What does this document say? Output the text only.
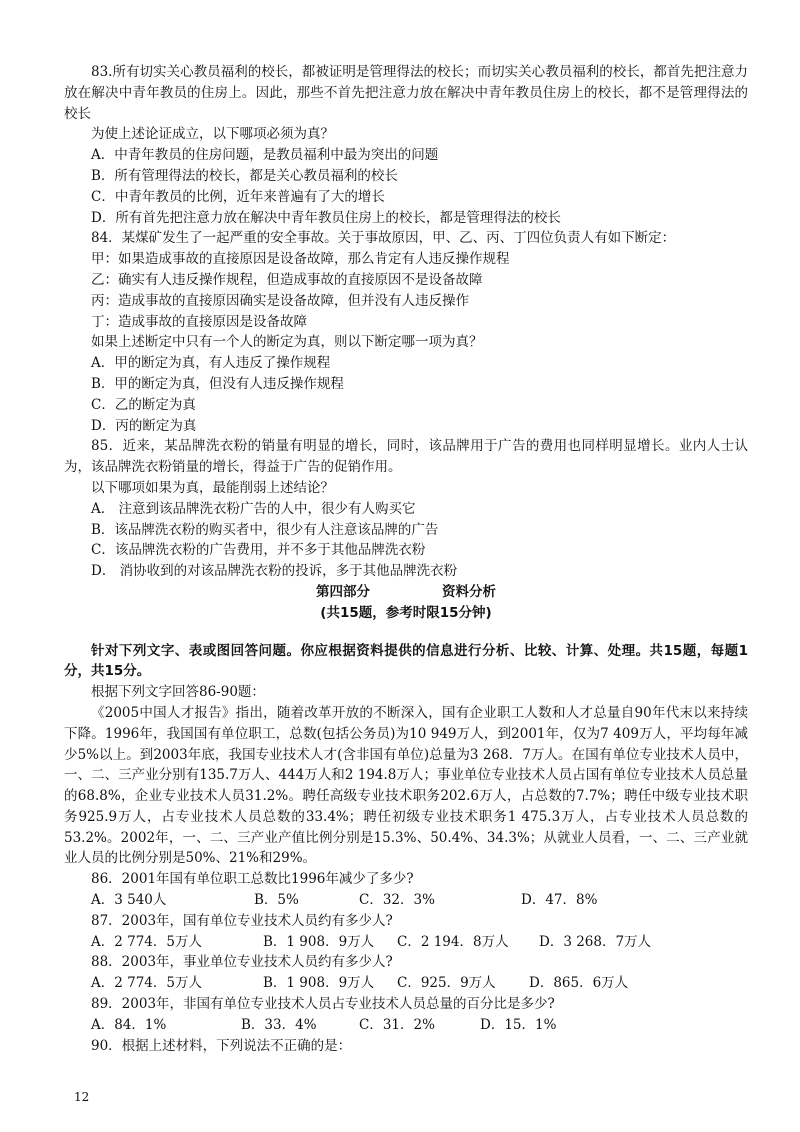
83.所有切实关心教员福利的校长，都被证明是管理得法的校长；而切实关心教员福利的校长，都首先把注意力放在解决中青年教员的住房上。因此，那些不首先把注意力放在解决中青年教员住房上的校长，都不是管理得法的校长

为使上述论证成立，以下哪项必须为真？

A．中青年教员的住房问题，是教员福利中最为突出的问题

B．所有管理得法的校长，都是关心教员福利的校长

C．中青年教员的比例，近年来普遍有了大的增长

D．所有首先把注意力放在解决中青年教员住房上的校长，都是管理得法的校长

84．某煤矿发生了一起严重的安全事故。关于事故原因，甲、乙、丙、丁四位负责人有如下断定：

甲：如果造成事故的直接原因是设备故障，那么肯定有人违反操作规程

乙：确实有人违反操作规程，但造成事故的直接原因不是设备故障

丙：造成事故的直接原因确实是设备故障，但并没有人违反操作

丁：造成事故的直接原因是设备故障

如果上述断定中只有一个人的断定为真，则以下断定哪一项为真？

A．甲的断定为真，有人违反了操作规程

B．甲的断定为真，但没有人违反操作规程

C．乙的断定为真

D．丙的断定为真

85．近来，某品牌洗衣粉的销量有明显的增长，同时，该品牌用于广告的费用也同样明显增长。业内人士认为，该品牌洗衣粉销量的增长，得益于广告的促销作用。

以下哪项如果为真，最能削弱上述结论？

A． 注意到该品牌洗衣粉广告的人中，很少有人购买它

B．该品牌洗衣粉的购买者中，很少有人注意该品牌的广告

C．该品牌洗衣粉的广告费用，并不多于其他品牌洗衣粉

D． 消协收到的对该品牌洗衣粉的投诉，多于其他品牌洗衣粉

第四部分	资料分析
(共15题，参考时限15分钟)

针对下列文字、表或图回答问题。你应根据资料提供的信息进行分析、比较、计算、处理。共15题，每题1分，共15分。

根据下列文字回答86-90题：

《2005中国人才报告》指出，随着改革开放的不断深入，国有企业职工人数和人才总量自90年代末以来持续下降。1996年，我国国有单位职工，总数(包括公务员)为10 949万人，到2001年，仅为7 409万人，平均每年减少5%以上。到2003年底，我国专业技术人才(含非国有单位)总量为3 268．7万人。在国有单位专业技术人员中，一、二、三产业分别有135.7万人、444万人和2 194.8万人；事业单位专业技术人员占国有单位专业技术人员总量的68.8%，企业专业技术人员31.2%。聘任高级专业技术职务202.6万人，占总数的7.7%；聘任中级专业技术职务925.9万人，占专业技术人员总数的33.4%；聘任初级专业技术职务1 475.3万人，占专业技术人员总数的53.2%。2002年，一、二、三产业产值比例分别是15.3%、50.4%、34.3%；从就业人员看，一、二、三产业就业人员的比例分别是50%、21%和29%。

86．2001年国有单位职工总数比1996年减少了多少?

A．3 540人	B．5%	C．32．3%	D．47．8%

87．2003年，国有单位专业技术人员约有多少人?

A．2 774．5万人	B．1 908．9万人	C．2 194．8万人	D．3 268．7万人

88．2003年，事业单位专业技术人员约有多少人?

A．2 774．5万人	B．1 908．9万人	C．925．9万人	D．865．6万人

89．2003年，非国有单位专业技术人员占专业技术人员总量的百分比是多少?

A．84．1%	B．33．4%	C．31．2%	D．15．1%

90．根据上述材料，下列说法不正确的是：

12
